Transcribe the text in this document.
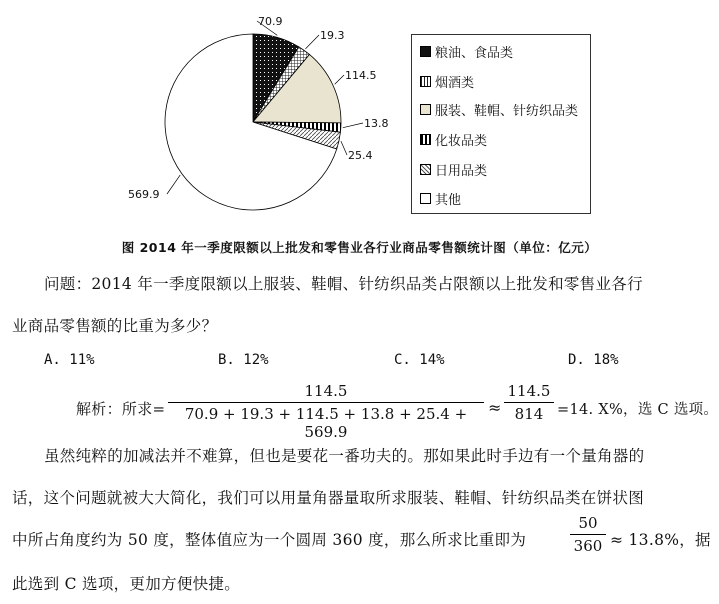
70.9
19.3
114.5
13.8
25.4
569.9
粮油、食品类
烟酒类
服装、鞋帽、针纺织品类
化妆品类
日用品类
其他
图 2014 年一季度限额以上批发和零售业各行业商品零售额统计图（单位：亿元）
问题：2014 年一季度限额以上服装、鞋帽、针纺织品类占限额以上批发和零售业各行
业商品零售额的比重为多少？
A. 11%	B. 12%	C. 14%	D. 18%
解析：所求=
114.5
70.9 + 19.3 + 114.5 + 13.8 + 25.4 + 569.9
≈
114.5
814 =14. X%，选 C 选项。
虽然纯粹的加减法并不难算，但也是要花一番功夫的。那如果此时手边有一个量角器的
话，这个问题就被大大简化，我们可以用量角器量取所求服装、鞋帽、针纺织品类在饼状图
中所占角度约为 50 度，整体值应为一个圆周 360 度，那么所求比重即为
50
360 ≈ 13.8%，据
此选到 C 选项，更加方便快捷。
